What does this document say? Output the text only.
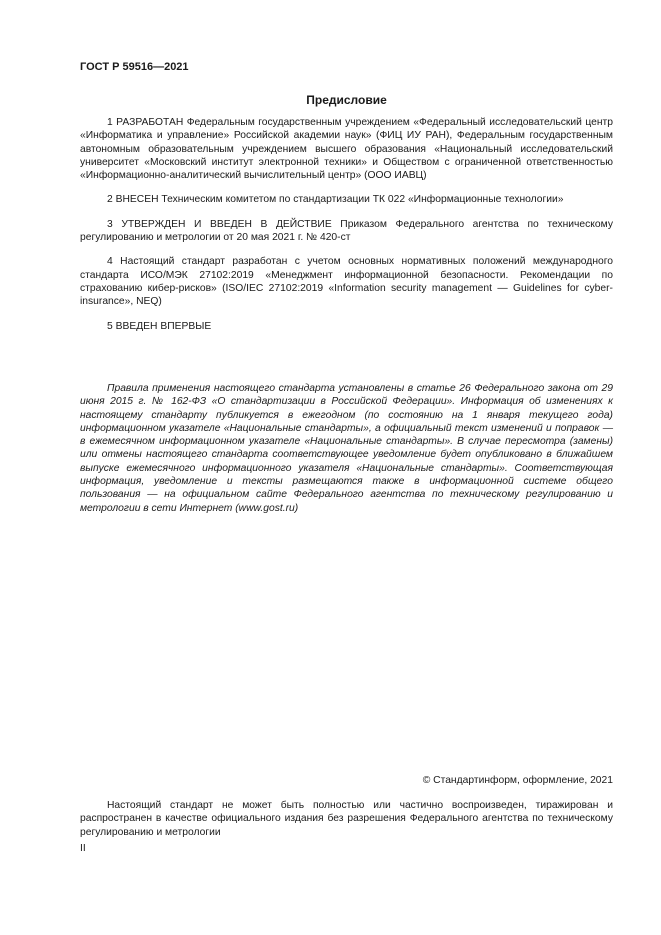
ГОСТ Р 59516—2021
Предисловие

1 РАЗРАБОТАН Федеральным государственным учреждением «Федеральный исследовательский центр «Информатика и управление» Российской академии наук» (ФИЦ ИУ РАН), Федеральным государственным автономным образовательным учреждением высшего образования «Национальный исследовательский университет «Московский институт электронной техники» и Обществом с ограниченной ответственностью «Информационно-аналитический вычислительный центр» (ООО ИАВЦ)

2 ВНЕСЕН Техническим комитетом по стандартизации ТК 022 «Информационные технологии»

3 УТВЕРЖДЕН И ВВЕДЕН В ДЕЙСТВИЕ Приказом Федерального агентства по техническому регулированию и метрологии от 20 мая 2021 г. № 420-ст

4 Настоящий стандарт разработан с учетом основных нормативных положений международного стандарта ИСО/МЭК 27102:2019 «Менеджмент информационной безопасности. Рекомендации по страхованию кибер-рисков» (ISO/IEC 27102:2019 «Information security management — Guidelines for cyber-insurance», NEQ)

5 ВВЕДЕН ВПЕРВЫЕ

Правила применения настоящего стандарта установлены в статье 26 Федерального закона от 29 июня 2015 г. № 162-ФЗ «О стандартизации в Российской Федерации». Информация об изменениях к настоящему стандарту публикуется в ежегодном (по состоянию на 1 января текущего года) информационном указателе «Национальные стандарты», а официальный текст изменений и поправок — в ежемесячном информационном указателе «Национальные стандарты». В случае пересмотра (замены) или отмены настоящего стандарта соответствующее уведомление будет опубликовано в ближайшем выпуске ежемесячного информационного указателя «Национальные стандарты». Соответствующая информация, уведомление и тексты размещаются также в информационной системе общего пользования — на официальном сайте Федерального агентства по техническому регулированию и метрологии в сети Интернет (www.gost.ru)

© Стандартинформ, оформление, 2021

Настоящий стандарт не может быть полностью или частично воспроизведен, тиражирован и распространен в качестве официального издания без разрешения Федерального агентства по техническому регулированию и метрологии

II
